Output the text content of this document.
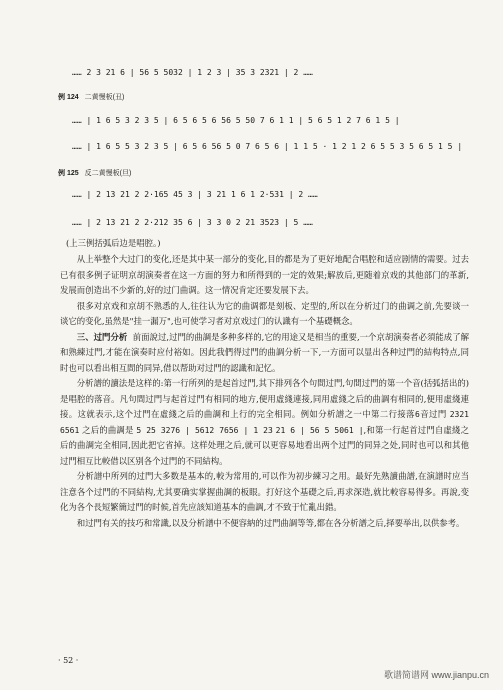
…… 2 3 21 6 | 56 5 5032 | 1 2 3 | 35 3 2321 | 2 ……
例 124 二黄慢板(丑)
…… | 1 6 5 3 2 3 5 | 6 5 6 5 6 56 5 50 7 6 1 1 | 5 6 5 1 2 7 6 1 5 |
…… | 1 6 5 5 3 2 3 5 | 6 5 6 56 5 0 7 6 5 6 | 1 1 5 · 1 2 1 2 6 5 5 3 5 6 5 1 5 |
例 125 反二黄慢板(旦)
…… | 2 13 21 2 2·165 45 3 | 3 21 1 6 1 2·531 | 2 ……
…… | 2 13 21 2 2·212 35 6 | 3 3 0 2 21 3523 | 5 ……

(上三例括弧后边是唱腔。)

从上举整个大过门的变化,还是其中某一部分的变化,目的都是为了更好地配合唱腔和适应剧情的需要。过去已有很多例子证明京胡演奏者在这一方面的努力和所得到的一定的效果;解放后,更随着京戏的其他部门的革新,发展而创造出不少新的,好的过门曲调。这一情况肯定还要发展下去。

很多对京戏和京胡不熟悉的人,往往认为它的曲调都是刻板、定型的,所以在分析过门的曲调之前,先要谈一谈它的变化,虽然是"挂一漏万",也可使学习者对京戏过门的认識有一个基礎概念。

三、过門分析 前面說过,过門的曲調是多种多样的,它的用途又是相当的重要,一个京胡演奏者必須能成了解和熟練过門,才能在演奏时应付裕如。因此我們得过門的曲調分析一下,一方面可以显出各种过門的結构特点,同时也可以看出相互間的同异,借以帮助对过門的認識和記忆。

分析譜的讀法是这样的:第一行所列的是起首过門,其下排列各个句間过門,句間过門的第一个音(括弧括出的)是唱腔的落音。凡句間过門与起首过門有相同的地方,便用虛綫連接,同用虛綫之后的曲調有相同的,便用虛綫連接。这就表示,这个过門在虛綫之后的曲調和上行的完全相同。例如分析譜之一中第二行接落6音过門 2321 6561 之后的曲調是 5 25 3276 | 5612 7656 | 1 23 21 6 | 56 5 5061 |,和第一行起首过門自虛綫之后的曲調完全相同,因此把它省掉。这样处理之后,就可以更容易地看出两个过門的同异之处,同时也可以和其他过門相互比較借以区别各个过門的不同結构。

分析譜中所列的过門大多数是基本的,較为常用的,可以作为初步練习之用。最好先熟讀曲譜,在演譜时应当注意各个过門的不同結构,尤其要确实掌握曲調的板眼。打好这个基礎之后,再求深造,就比較容易得多。再說,变化为各个長短繁簡过門的时候,首先应該知道基本的曲調,才不致于忙亂出錯。

和过門有关的技巧和常識,以及分析譜中不便容納的过門曲調等等,都在各分析譜之后,择要举出,以供参考。

· 52 ·
歌谱简谱网 www.jianpu.cn
